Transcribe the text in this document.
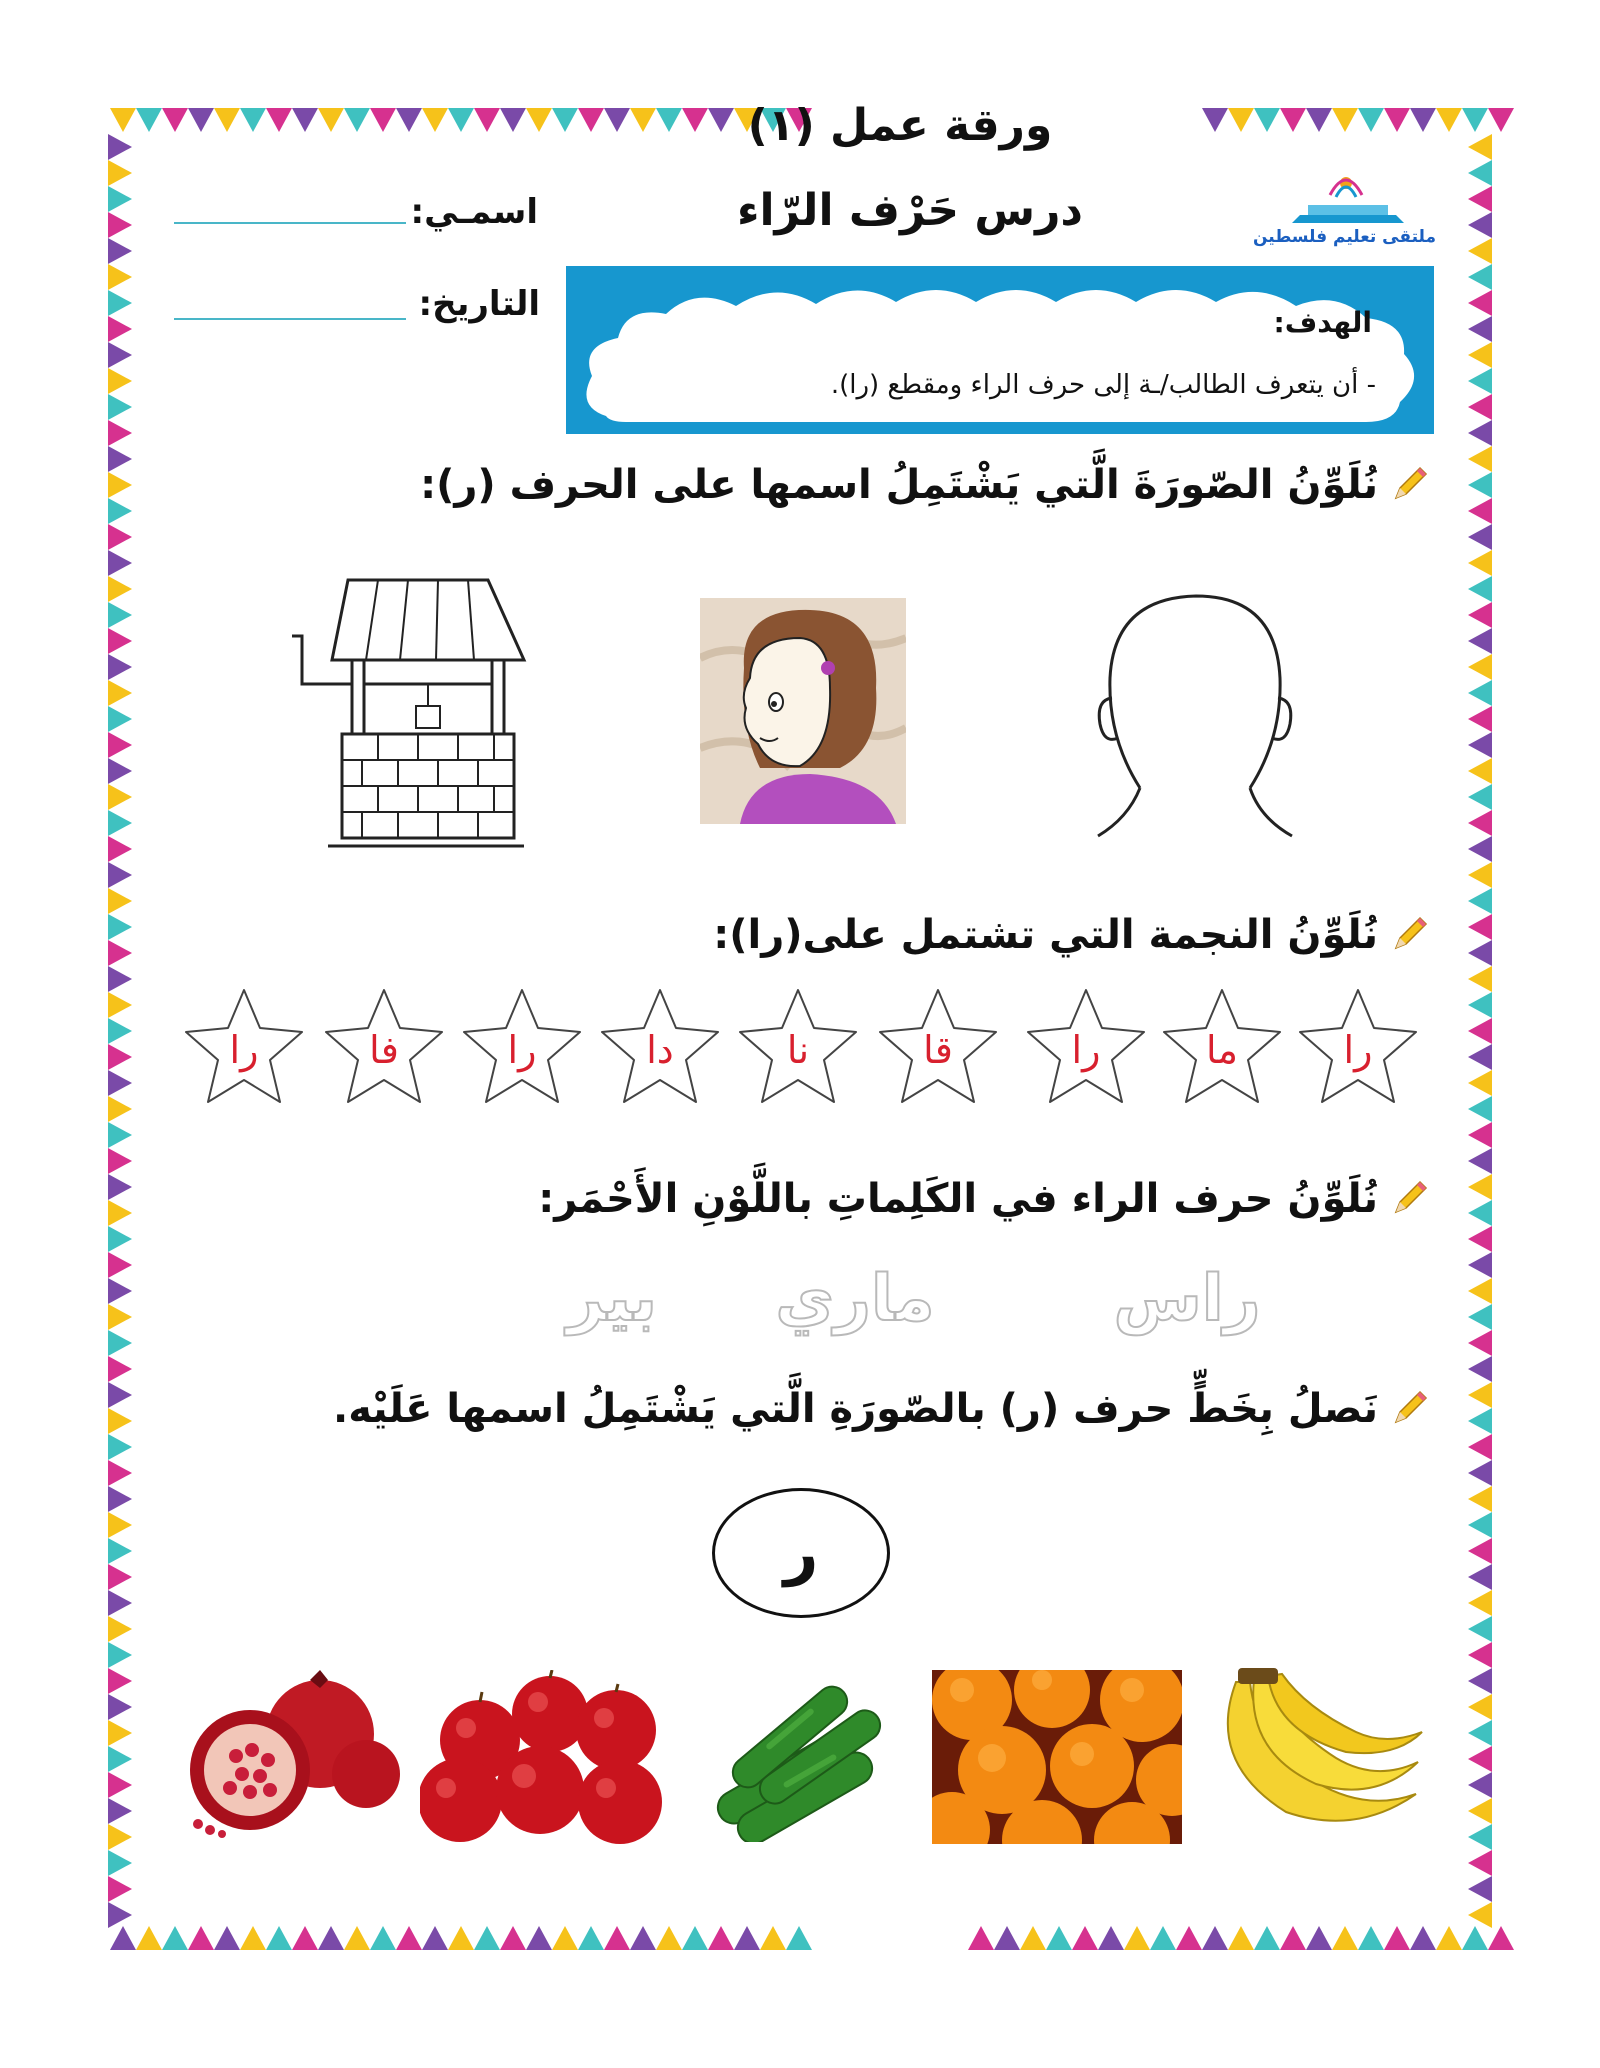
ورقة عمل (١)
درس حَرْف الرّاء
اسمـي:
التاريخ:
ملتقى تعليم فلسطين
الهدف:
- أن يتعرف الطالب/ـة إلى حرف الراء ومقطع (را).
نُلَوِّنُ الصّورَةَ الَّتي يَشْتَمِلُ اسمها على الحرف (ر):
نُلَوِّنُ النجمة التي تشتمل على(را):
را
ما
را
قا
نا
دا
را
فا
را
نُلَوِّنُ حرف الراء في الكَلِماتِ باللَّوْنِ الأَحْمَر:
راس
ماري
بير
نَصلُ بِخَطٍّ حرف (ر) بالصّورَةِ الَّتي يَشْتَمِلُ اسمها عَلَيْه.
ر
